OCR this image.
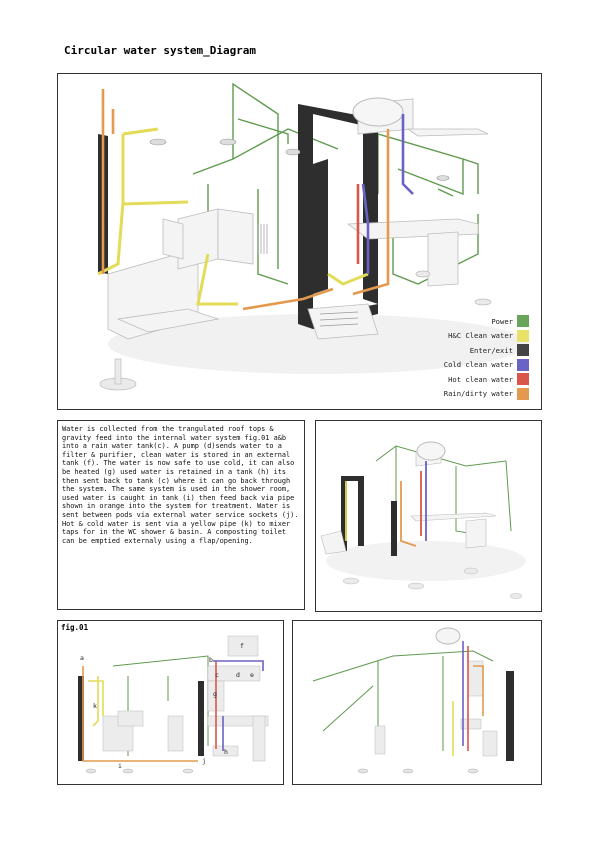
Circular water system_Diagram
Power
H&C Clean water
Enter/exit
Cold clean water
Hot clean water
Rain/dirty water

Water is collected from the trangulated roof tops & gravity feed into the internal water system fig.01 a&b into a rain water tank(c). A pump (d)sends water to a filter & purifier, clean water is stored in an external tank (f). The water is now safe to use cold, it can also be heated (g) used water is retained in a tank (h) its then sent back to tank (c) where it can go back through the system. The same system is used in the shower room, used water is caught in tank (i) then feed back via pipe shown in orange into the system for treatment. Water is sent between pods via external water service sockets (j). Hot & cold water is sent via a yellow pipe (k) to mixer taps for in the WC shower & basin. A composting toilet can be emptied externaly using a flap/opening.

fig.01
a	b
c	d e
f
g
h
i
j
k
